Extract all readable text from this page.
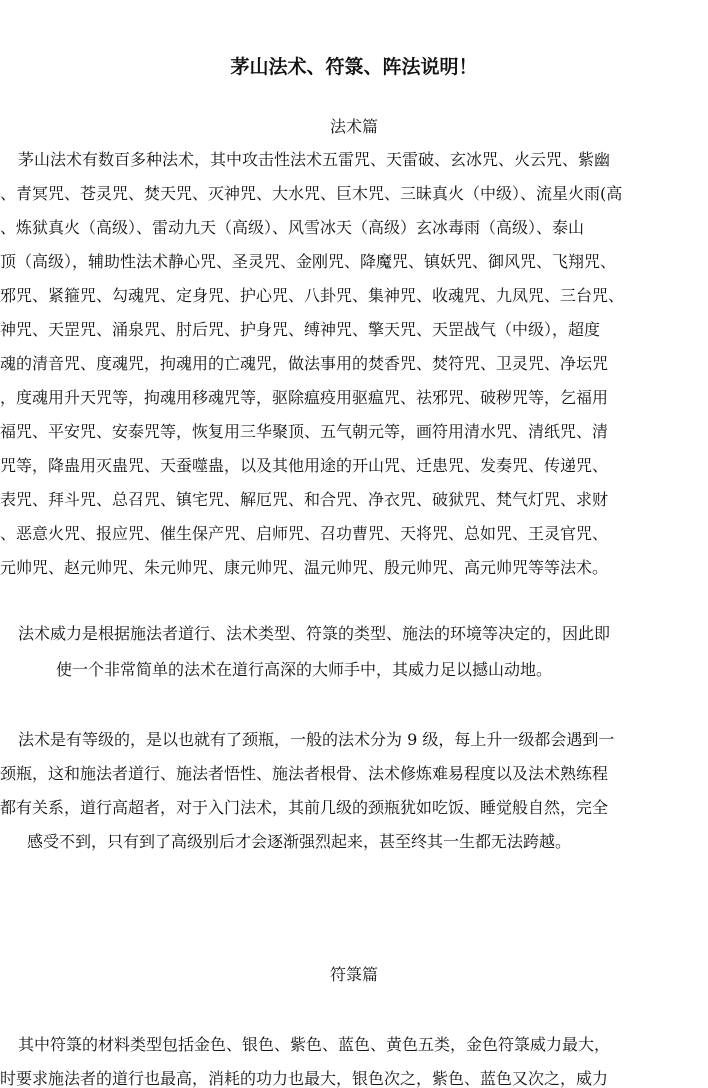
茅山法术、符箓、阵法说明！
法术篇
茅山法术有数百多种法术，其中攻击性法术五雷咒、天雷破、玄冰咒、火云咒、紫幽
、青冥咒、苍灵咒、焚天咒、灭神咒、大水咒、巨木咒、三昧真火（中级）、流星火雨(高
、炼狱真火（高级）、雷动九天（高级）、风雪冰天（高级）玄冰毒雨（高级）、泰山
顶（高级），辅助性法术静心咒、圣灵咒、金刚咒、降魔咒、镇妖咒、御风咒、飞翔咒、
邪咒、紧箍咒、勾魂咒、定身咒、护心咒、八卦咒、集神咒、收魂咒、九凤咒、三台咒、
神咒、天罡咒、涌泉咒、肘后咒、护身咒、缚神咒、擎天咒、天罡战气（中级），超度
魂的清音咒、度魂咒，拘魂用的亡魂咒，做法事用的焚香咒、焚符咒、卫灵咒、净坛咒
，度魂用升天咒等，拘魂用移魂咒等，驱除瘟疫用驱瘟咒、祛邪咒、破秽咒等，乞福用
福咒、平安咒、安泰咒等，恢复用三华聚顶、五气朝元等，画符用清水咒、清纸咒、清
咒等，降蛊用灭蛊咒、天蚕噬蛊，以及其他用途的开山咒、迁患咒、发奏咒、传递咒、
表咒、拜斗咒、总召咒、镇宅咒、解厄咒、和合咒、净衣咒、破狱咒、梵气灯咒、求财
、恶意火咒、报应咒、催生保产咒、启师咒、召功曹咒、天将咒、总如咒、王灵官咒、
元帅咒、赵元帅咒、朱元帅咒、康元帅咒、温元帅咒、殷元帅咒、高元帅咒等等法术。
法术威力是根据施法者道行、法术类型、符箓的类型、施法的环境等决定的，因此即
使一个非常简单的法术在道行高深的大师手中，其威力足以撼山动地。
法术是有等级的，是以也就有了颈瓶，一般的法术分为 9 级，每上升一级都会遇到一
颈瓶，这和施法者道行、施法者悟性、施法者根骨、法术修炼难易程度以及法术熟练程
都有关系，道行高超者，对于入门法术，其前几级的颈瓶犹如吃饭、睡觉般自然，完全
感受不到，只有到了高级别后才会逐渐强烈起来，甚至终其一生都无法跨越。
符箓篇
其中符箓的材料类型包括金色、银色、紫色、蓝色、黄色五类，金色符箓威力最大，
时要求施法者的道行也最高，消耗的功力也最大，银色次之，紫色、蓝色又次之，威力
